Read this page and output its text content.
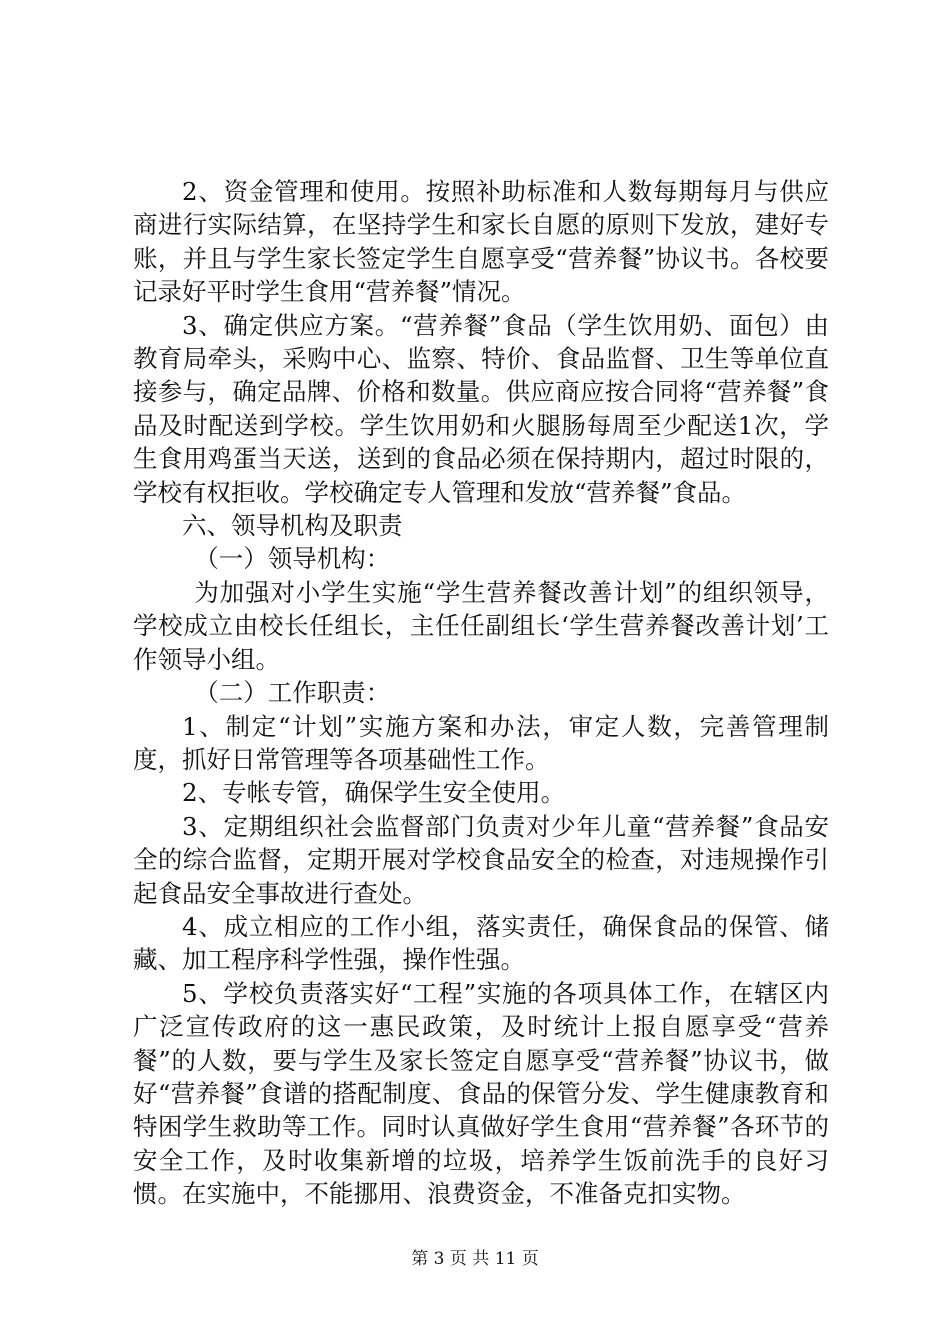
2、资金管理和使用。按照补助标准和人数每期每月与供应商进行实际结算，在坚持学生和家长自愿的原则下发放，建好专账，并且与学生家长签定学生自愿享受“营养餐”协议书。各校要记录好平时学生食用“营养餐”情况。

3、确定供应方案。“营养餐”食品（学生饮用奶、面包）由教育局牵头，采购中心、监察、特价、食品监督、卫生等单位直接参与，确定品牌、价格和数量。供应商应按合同将“营养餐”食品及时配送到学校。学生饮用奶和火腿肠每周至少配送1次，学生食用鸡蛋当天送，送到的食品必须在保持期内，超过时限的，学校有权拒收。学校确定专人管理和发放“营养餐”食品。

六、领导机构及职责

（一）领导机构：

为加强对小学生实施“学生营养餐改善计划”的组织领导，学校成立由校长任组长，主任任副组长‘学生营养餐改善计划’工作领导小组。

（二）工作职责：

1、制定“计划”实施方案和办法，审定人数，完善管理制度，抓好日常管理等各项基础性工作。

2、专帐专管，确保学生安全使用。

3、定期组织社会监督部门负责对少年儿童“营养餐”食品安全的综合监督，定期开展对学校食品安全的检查，对违规操作引起食品安全事故进行查处。

4、成立相应的工作小组，落实责任，确保食品的保管、储藏、加工程序科学性强，操作性强。

5、学校负责落实好“工程”实施的各项具体工作，在辖区内广泛宣传政府的这一惠民政策，及时统计上报自愿享受“营养餐”的人数，要与学生及家长签定自愿享受“营养餐”协议书，做好“营养餐”食谱的搭配制度、食品的保管分发、学生健康教育和特困学生救助等工作。同时认真做好学生食用“营养餐”各环节的安全工作，及时收集新增的垃圾，培养学生饭前洗手的良好习惯。在实施中，不能挪用、浪费资金，不准备克扣实物。

第 3 页 共 11 页
